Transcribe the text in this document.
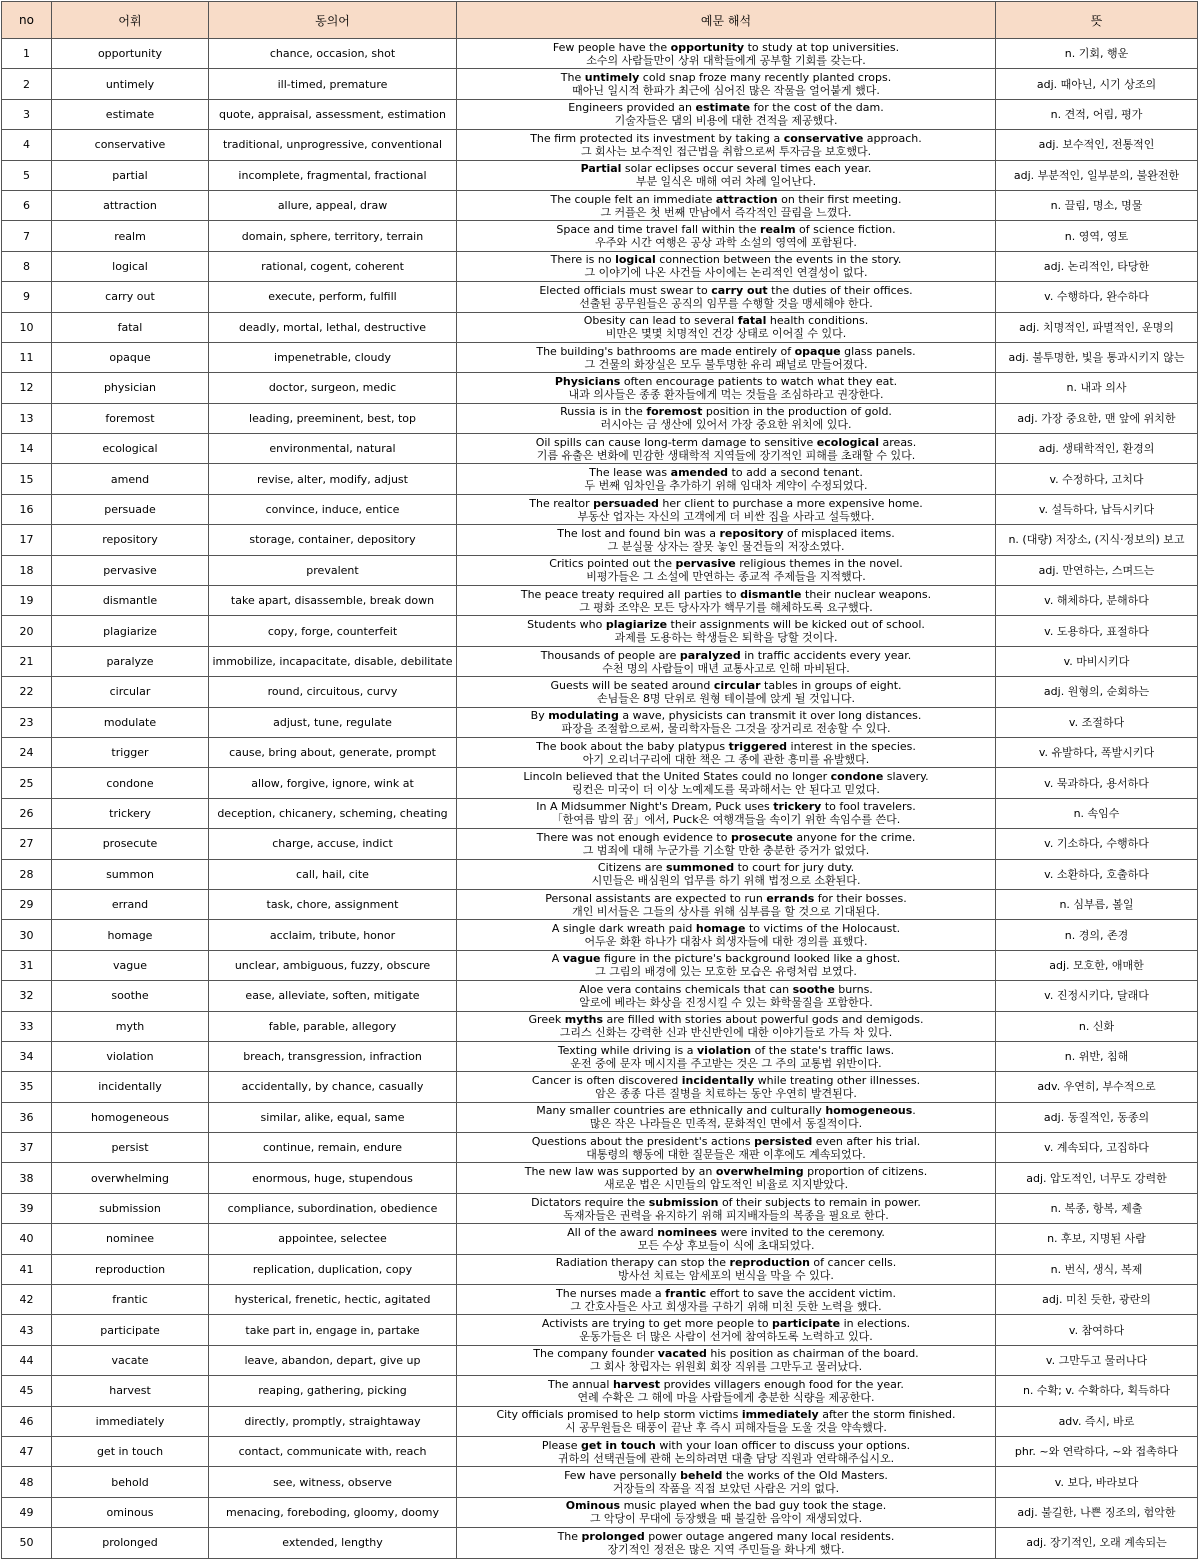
no	어휘	동의어	예문 해석	뜻
1	opportunity	chance, occasion, shot	Few people have the opportunity to study at top universities.
소수의 사람들만이 상위 대학들에게 공부할 기회를 갖는다.	n. 기회, 행운
2	untimely	ill-timed, premature	The untimely cold snap froze many recently planted crops.
때아닌 일시적 한파가 최근에 심어진 많은 작물을 얼어붙게 했다.	adj. 때아닌, 시기 상조의
3	estimate	quote, appraisal, assessment, estimation	Engineers provided an estimate for the cost of the dam.
기술자들은 댐의 비용에 대한 견적을 제공했다.	n. 견적, 어림, 평가
4	conservative	traditional, unprogressive, conventional	The firm protected its investment by taking a conservative approach.
그 회사는 보수적인 접근법을 취함으로써 투자금을 보호했다.	adj. 보수적인, 전통적인
5	partial	incomplete, fragmental, fractional	Partial solar eclipses occur several times each year.
부분 일식은 매해 여러 차례 일어난다.	adj. 부분적인, 일부분의, 불완전한
6	attraction	allure, appeal, draw	The couple felt an immediate attraction on their first meeting.
그 커플은 첫 번째 만남에서 즉각적인 끌림을 느꼈다.	n. 끌림, 명소, 명물
7	realm	domain, sphere, territory, terrain	Space and time travel fall within the realm of science fiction.
우주와 시간 여행은 공상 과학 소설의 영역에 포함된다.	n. 영역, 영토
8	logical	rational, cogent, coherent	There is no logical connection between the events in the story.
그 이야기에 나온 사건들 사이에는 논리적인 연결성이 없다.	adj. 논리적인, 타당한
9	carry out	execute, perform, fulfill	Elected officials must swear to carry out the duties of their offices.
선출된 공무원들은 공직의 임무를 수행할 것을 맹세해야 한다.	v. 수행하다, 완수하다
10	fatal	deadly, mortal, lethal, destructive	Obesity can lead to several fatal health conditions.
비만은 몇몇 치명적인 건강 상태로 이어질 수 있다.	adj. 치명적인, 파멸적인, 운명의
11	opaque	impenetrable, cloudy	The building's bathrooms are made entirely of opaque glass panels.
그 건물의 화장실은 모두 불투명한 유리 패널로 만들어졌다.	adj. 불투명한, 빛을 통과시키지 않는
12	physician	doctor, surgeon, medic	Physicians often encourage patients to watch what they eat.
내과 의사들은 종종 환자들에게 먹는 것들을 조심하라고 권장한다.	n. 내과 의사
13	foremost	leading, preeminent, best, top	Russia is in the foremost position in the production of gold.
러시아는 금 생산에 있어서 가장 중요한 위치에 있다.	adj. 가장 중요한, 맨 앞에 위치한
14	ecological	environmental, natural	Oil spills can cause long-term damage to sensitive ecological areas.
기름 유출은 변화에 민감한 생태학적 지역들에 장기적인 피해를 초래할 수 있다.	adj. 생태학적인, 환경의
15	amend	revise, alter, modify, adjust	The lease was amended to add a second tenant.
두 번째 임차인을 추가하기 위해 임대차 계약이 수정되었다.	v. 수정하다, 고치다
16	persuade	convince, induce, entice	The realtor persuaded her client to purchase a more expensive home.
부동산 업자는 자신의 고객에게 더 비싼 집을 사라고 설득했다.	v. 설득하다, 납득시키다
17	repository	storage, container, depository	The lost and found bin was a repository of misplaced items.
그 분실물 상자는 잘못 놓인 물건들의 저장소였다.	n. (대량) 저장소, (지식·정보의) 보고
18	pervasive	prevalent	Critics pointed out the pervasive religious themes in the novel.
비평가들은 그 소설에 만연하는 종교적 주제들을 지적했다.	adj. 만연하는, 스며드는
19	dismantle	take apart, disassemble, break down	The peace treaty required all parties to dismantle their nuclear weapons.
그 평화 조약은 모든 당사자가 핵무기를 해체하도록 요구했다.	v. 해체하다, 분해하다
20	plagiarize	copy, forge, counterfeit	Students who plagiarize their assignments will be kicked out of school.
과제를 도용하는 학생들은 퇴학을 당할 것이다.	v. 도용하다, 표절하다
21	paralyze	immobilize, incapacitate, disable, debilitate	Thousands of people are paralyzed in traffic accidents every year.
수천 명의 사람들이 매년 교통사고로 인해 마비된다.	v. 마비시키다
22	circular	round, circuitous, curvy	Guests will be seated around circular tables in groups of eight.
손님들은 8명 단위로 원형 테이블에 앉게 될 것입니다.	adj. 원형의, 순회하는
23	modulate	adjust, tune, regulate	By modulating a wave, physicists can transmit it over long distances.
파장을 조절함으로써, 물리학자들은 그것을 장거리로 전송할 수 있다.	v. 조절하다
24	trigger	cause, bring about, generate, prompt	The book about the baby platypus triggered interest in the species.
아기 오리너구리에 대한 책은 그 종에 관한 흥미를 유발했다.	v. 유발하다, 폭발시키다
25	condone	allow, forgive, ignore, wink at	Lincoln believed that the United States could no longer condone slavery.
링컨은 미국이 더 이상 노예제도를 묵과해서는 안 된다고 믿었다.	v. 묵과하다, 용서하다
26	trickery	deception, chicanery, scheming, cheating	In A Midsummer Night's Dream, Puck uses trickery to fool travelers.
「한여름 밤의 꿈」에서, Puck은 여행객들을 속이기 위한 속임수를 쓴다.	n. 속임수
27	prosecute	charge, accuse, indict	There was not enough evidence to prosecute anyone for the crime.
그 범죄에 대해 누군가를 기소할 만한 충분한 증거가 없었다.	v. 기소하다, 수행하다
28	summon	call, hail, cite	Citizens are summoned to court for jury duty.
시민들은 배심원의 업무를 하기 위해 법정으로 소환된다.	v. 소환하다, 호출하다
29	errand	task, chore, assignment	Personal assistants are expected to run errands for their bosses.
개인 비서들은 그들의 상사를 위해 심부름을 할 것으로 기대된다.	n. 심부름, 볼일
30	homage	acclaim, tribute, honor	A single dark wreath paid homage to victims of the Holocaust.
어두운 화환 하나가 대참사 희생자들에 대한 경의를 표했다.	n. 경의, 존경
31	vague	unclear, ambiguous, fuzzy, obscure	A vague figure in the picture's background looked like a ghost.
그 그림의 배경에 있는 모호한 모습은 유령처럼 보였다.	adj. 모호한, 애매한
32	soothe	ease, alleviate, soften, mitigate	Aloe vera contains chemicals that can soothe burns.
알로에 베라는 화상을 진정시킬 수 있는 화학물질을 포함한다.	v. 진정시키다, 달래다
33	myth	fable, parable, allegory	Greek myths are filled with stories about powerful gods and demigods.
그리스 신화는 강력한 신과 반신반인에 대한 이야기들로 가득 차 있다.	n. 신화
34	violation	breach, transgression, infraction	Texting while driving is a violation of the state's traffic laws.
운전 중에 문자 메시지를 주고받는 것은 그 주의 교통법 위반이다.	n. 위반, 침해
35	incidentally	accidentally, by chance, casually	Cancer is often discovered incidentally while treating other illnesses.
암은 종종 다른 질병을 치료하는 동안 우연히 발견된다.	adv. 우연히, 부수적으로
36	homogeneous	similar, alike, equal, same	Many smaller countries are ethnically and culturally homogeneous.
많은 작은 나라들은 민족적, 문화적인 면에서 동질적이다.	adj. 동질적인, 동종의
37	persist	continue, remain, endure	Questions about the president's actions persisted even after his trial.
대통령의 행동에 대한 질문들은 재판 이후에도 계속되었다.	v. 계속되다, 고집하다
38	overwhelming	enormous, huge, stupendous	The new law was supported by an overwhelming proportion of citizens.
새로운 법은 시민들의 압도적인 비율로 지지받았다.	adj. 압도적인, 너무도 강력한
39	submission	compliance, subordination, obedience	Dictators require the submission of their subjects to remain in power.
독재자들은 권력을 유지하기 위해 피지배자들의 복종을 필요로 한다.	n. 복종, 항복, 제출
40	nominee	appointee, selectee	All of the award nominees were invited to the ceremony.
모든 수상 후보들이 식에 초대되었다.	n. 후보, 지명된 사람
41	reproduction	replication, duplication, copy	Radiation therapy can stop the reproduction of cancer cells.
방사선 치료는 암세포의 번식을 막을 수 있다.	n. 번식, 생식, 복제
42	frantic	hysterical, frenetic, hectic, agitated	The nurses made a frantic effort to save the accident victim.
그 간호사들은 사고 희생자를 구하기 위해 미친 듯한 노력을 했다.	adj. 미친 듯한, 광란의
43	participate	take part in, engage in, partake	Activists are trying to get more people to participate in elections.
운동가들은 더 많은 사람이 선거에 참여하도록 노력하고 있다.	v. 참여하다
44	vacate	leave, abandon, depart, give up	The company founder vacated his position as chairman of the board.
그 회사 창립자는 위원회 회장 직위를 그만두고 물러났다.	v. 그만두고 물러나다
45	harvest	reaping, gathering, picking	The annual harvest provides villagers enough food for the year.
연례 수확은 그 해에 마을 사람들에게 충분한 식량을 제공한다.	n. 수확; v. 수확하다, 획득하다
46	immediately	directly, promptly, straightaway	City officials promised to help storm victims immediately after the storm finished.
시 공무원들은 태풍이 끝난 후 즉시 피해자들을 도울 것을 약속했다.	adv. 즉시, 바로
47	get in touch	contact, communicate with, reach	Please get in touch with your loan officer to discuss your options.
귀하의 선택권들에 관해 논의하려면 대출 담당 직원과 연락해주십시오.	phr. ~와 연락하다, ~와 접촉하다
48	behold	see, witness, observe	Few have personally beheld the works of the Old Masters.
거장들의 작품을 직접 보았던 사람은 거의 없다.	v. 보다, 바라보다
49	ominous	menacing, foreboding, gloomy, doomy	Ominous music played when the bad guy took the stage.
그 악당이 무대에 등장했을 때 불길한 음악이 재생되었다.	adj. 불길한, 나쁜 징조의, 험악한
50	prolonged	extended, lengthy	The prolonged power outage angered many local residents.
장기적인 정전은 많은 지역 주민들을 화나게 했다.	adj. 장기적인, 오래 계속되는
